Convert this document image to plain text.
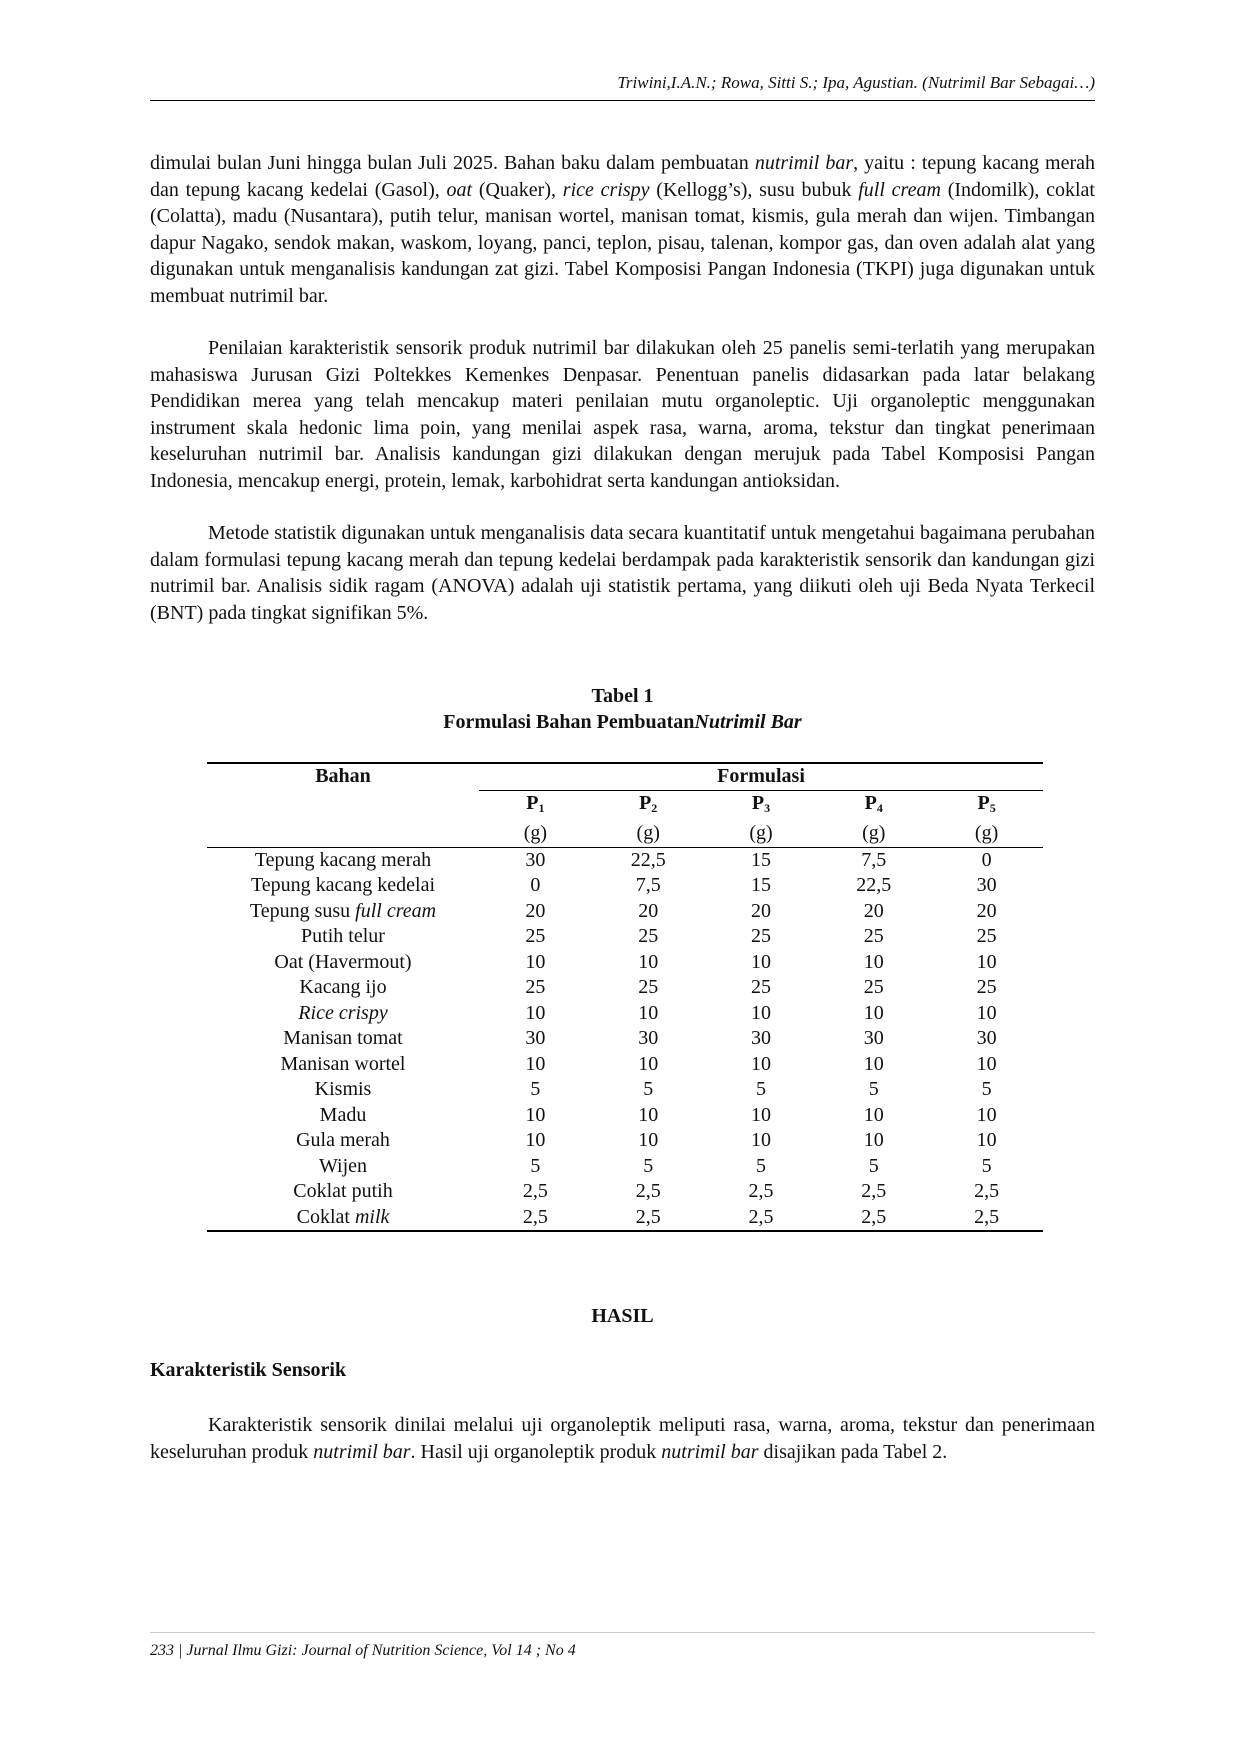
Triwini,I.A.N.; Rowa, Sitti S.; Ipa, Agustian. (Nutrimil Bar Sebagai…)

dimulai bulan Juni hingga bulan Juli 2025. Bahan baku dalam pembuatan nutrimil bar, yaitu : tepung kacang merah dan tepung kacang kedelai (Gasol), oat (Quaker), rice crispy (Kellogg’s), susu bubuk full cream (Indomilk), coklat (Colatta), madu (Nusantara), putih telur, manisan wortel, manisan tomat, kismis, gula merah dan wijen. Timbangan dapur Nagako, sendok makan, waskom, loyang, panci, teplon, pisau, talenan, kompor gas, dan oven adalah alat yang digunakan untuk menganalisis kandungan zat gizi. Tabel Komposisi Pangan Indonesia (TKPI) juga digunakan untuk membuat nutrimil bar.

Penilaian karakteristik sensorik produk nutrimil bar dilakukan oleh 25 panelis semi-terlatih yang merupakan mahasiswa Jurusan Gizi Poltekkes Kemenkes Denpasar. Penentuan panelis didasarkan pada latar belakang Pendidikan merea yang telah mencakup materi penilaian mutu organoleptic. Uji organoleptic menggunakan instrument skala hedonic lima poin, yang menilai aspek rasa, warna, aroma, tekstur dan tingkat penerimaan keseluruhan nutrimil bar. Analisis kandungan gizi dilakukan dengan merujuk pada Tabel Komposisi Pangan Indonesia, mencakup energi, protein, lemak, karbohidrat serta kandungan antioksidan.

Metode statistik digunakan untuk menganalisis data secara kuantitatif untuk mengetahui bagaimana perubahan dalam formulasi tepung kacang merah dan tepung kedelai berdampak pada karakteristik sensorik dan kandungan gizi nutrimil bar. Analisis sidik ragam (ANOVA) adalah uji statistik pertama, yang diikuti oleh uji Beda Nyata Terkecil (BNT) pada tingkat signifikan 5%.

Tabel 1
Formulasi Bahan PembuatanNutrimil Bar
Bahan	Formulasi				
	$P_1$	$P_2$	$P_3$	$P_4$	$P_5$
	(g)	(g)	(g)	(g)	(g)
Tepung kacang merah	30	22,5	15	7,5	0
Tepung kacang kedelai	0	7,5	15	22,5	30
Tepung susu full cream	20	20	20	20	20
Putih telur	25	25	25	25	25
Oat (Havermout)	10	10	10	10	10
Kacang ijo	25	25	25	25	25
Rice crispy	10	10	10	10	10
Manisan tomat	30	30	30	30	30
Manisan wortel	10	10	10	10	10
Kismis	5	5	5	5	5
Madu	10	10	10	10	10
Gula merah	10	10	10	10	10
Wijen	5	5	5	5	5
Coklat putih	2,5	2,5	2,5	2,5	2,5
Coklat milk	2,5	2,5	2,5	2,5	2,5
HASIL
Karakteristik Sensorik

Karakteristik sensorik dinilai melalui uji organoleptik meliputi rasa, warna, aroma, tekstur dan penerimaan keseluruhan produk nutrimil bar. Hasil uji organoleptik produk nutrimil bar disajikan pada Tabel 2.

233 | Jurnal Ilmu Gizi: Journal of Nutrition Science, Vol 14 ; No 4
